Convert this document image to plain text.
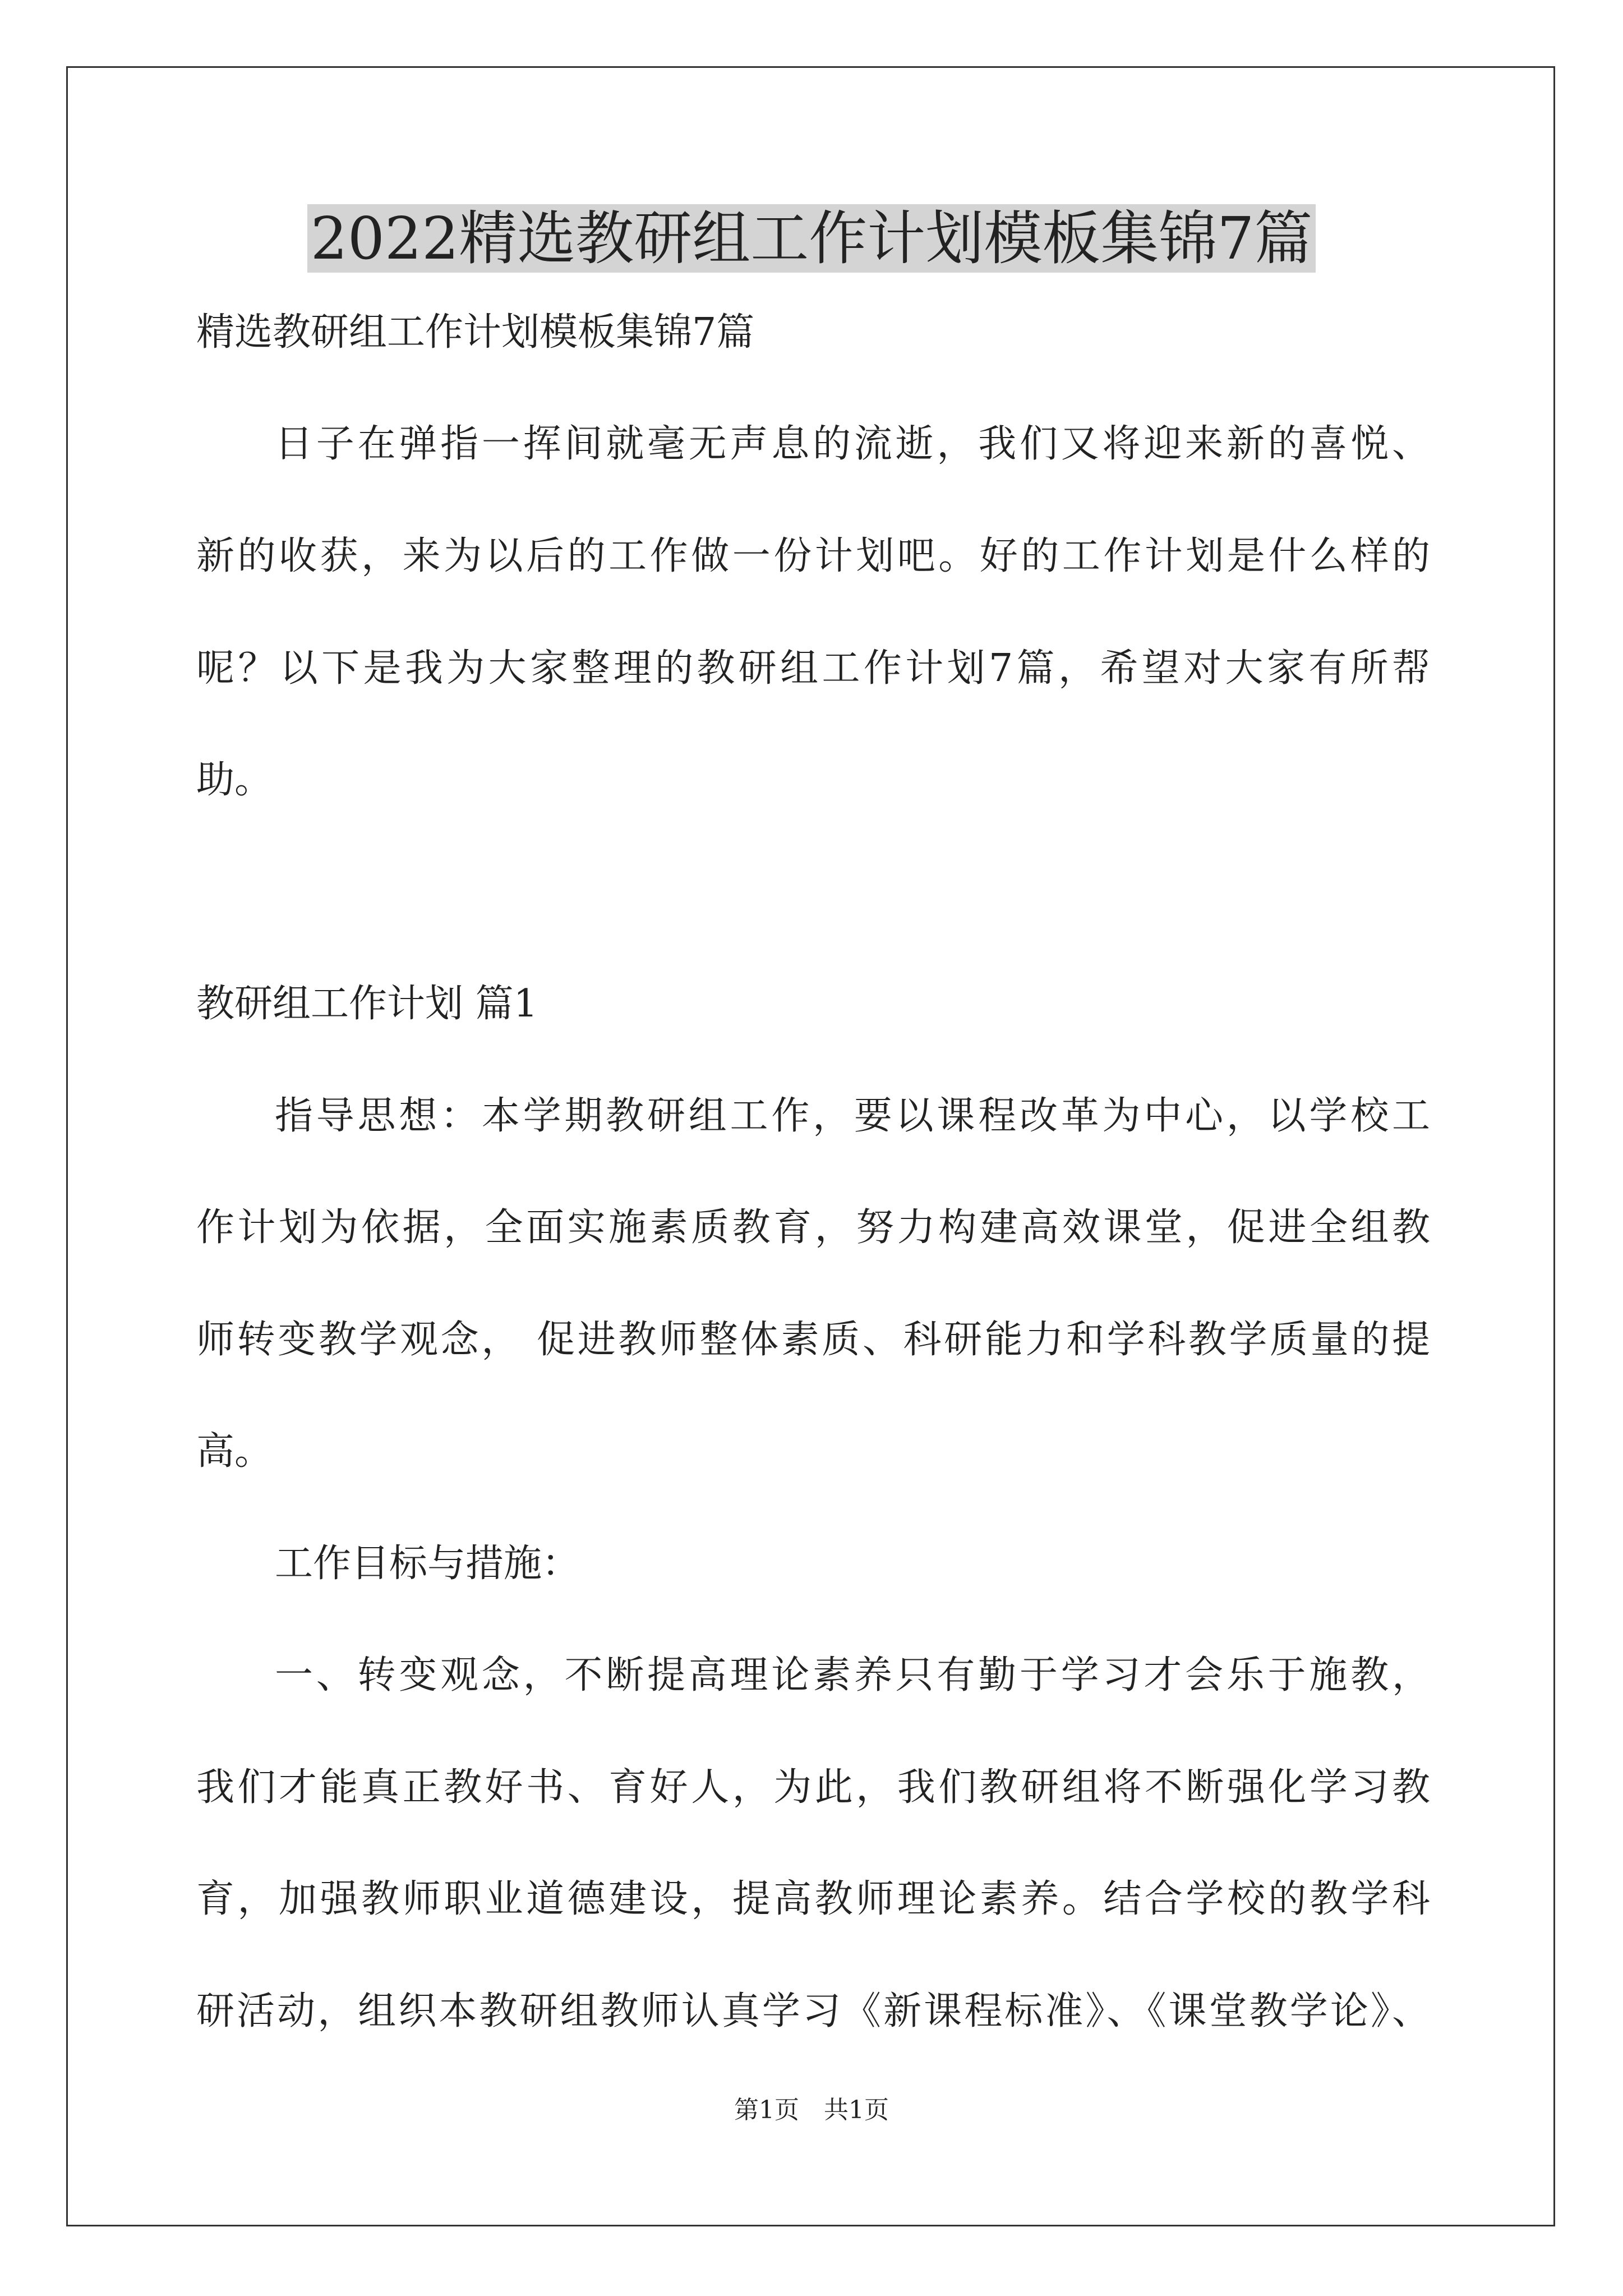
2022精选教研组工作计划模板集锦7篇
精选教研组工作计划模板集锦7篇
日子在弹指一挥间就毫无声息的流逝，我们又将迎来新的喜悦、
新的收获，来为以后的工作做一份计划吧。好的工作计划是什么样的
呢？以下是我为大家整理的教研组工作计划7篇，希望对大家有所帮
助。
教研组工作计划 篇1
指导思想：本学期教研组工作，要以课程改革为中心，以学校工
作计划为依据，全面实施素质教育，努力构建高效课堂，促进全组教
师转变教学观念， 促进教师整体素质、科研能力和学科教学质量的提
高。
工作目标与措施：
一、转变观念，不断提高理论素养只有勤于学习才会乐于施教，
我们才能真正教好书、育好人，为此，我们教研组将不断强化学习教
育，加强教师职业道德建设，提高教师理论素养。结合学校的教学科
研活动，组织本教研组教师认真学习《新课程标准》、《课堂教学论》、
第1页　共1页
